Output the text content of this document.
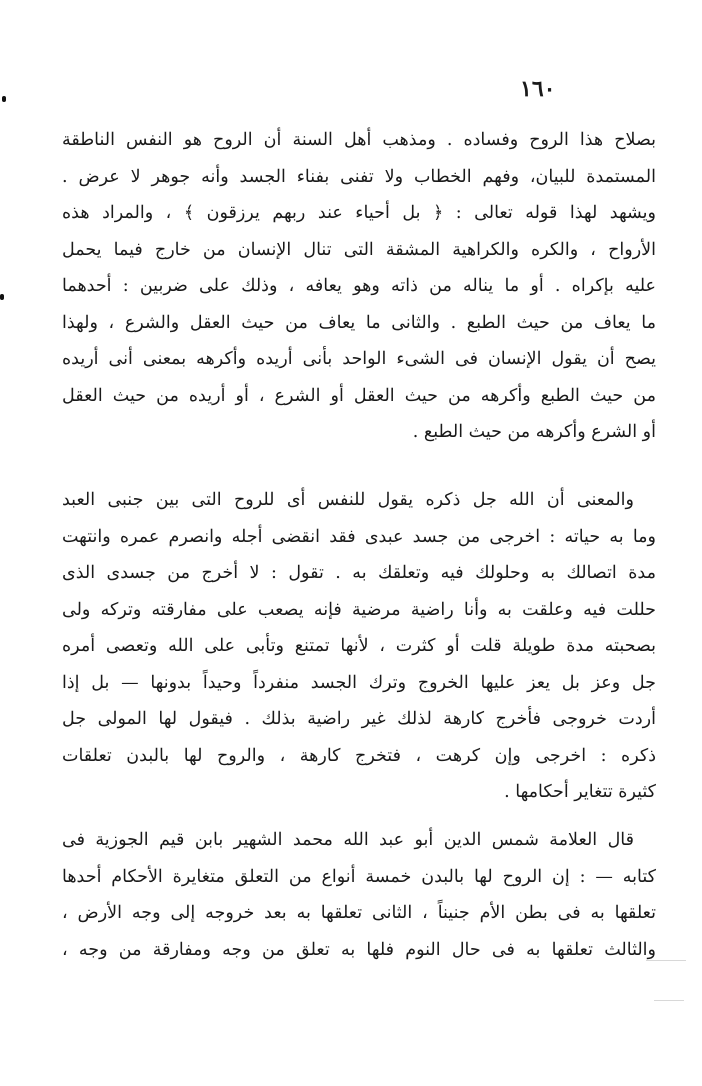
١٦٠
بصلاح هذا الروح وفساده . ومذهب أهل السنة أن الروح هو النفس الناطقة
المستمدة للبيان، وفهم الخطاب ولا تفنى بفناء الجسد وأنه جوهر لا عرض .
ويشهد لهذا قوله تعالى : ﴿ بل أحياء عند ربهم يرزقون ﴾ ، والمراد هذه
الأرواح ، والكره والكراهية المشقة التى تنال الإنسان من خارج فيما يحمل
عليه بإكراه . أو ما يناله من ذاته وهو يعافه ، وذلك على ضربين : أحدهما
ما يعاف من حيث الطبع . والثانى ما يعاف من حيث العقل والشرع ، ولهذا
يصح أن يقول الإنسان فى الشىء الواحد بأنى أريده وأكرهه بمعنى أنى أريده
من حيث الطبع وأكرهه من حيث العقل أو الشرع ، أو أريده من حيث العقل
أو الشرع وأكرهه من حيث الطبع .
والمعنى أن الله جل ذكره يقول للنفس أى للروح التى بين جنبى العبد
وما به حياته : اخرجى من جسد عبدى فقد انقضى أجله وانصرم عمره وانتهت
مدة اتصالك به وحلولك فيه وتعلقك به . تقول : لا أخرج من جسدى الذى
حللت فيه وعلقت به وأنا راضية مرضية فإنه يصعب على مفارقته وتركه ولى
بصحبته مدة طويلة قلت أو كثرت ، لأنها تمتنع وتأبى على الله وتعصى أمره
جل وعز بل يعز عليها الخروج وترك الجسد منفرداً وحيداً بدونها — بل إذا
أردت خروجى فأخرج كارهة لذلك غير راضية بذلك . فيقول لها المولى جل
ذكره : اخرجى وإن كرهت ، فتخرج كارهة ، والروح لها بالبدن تعلقات
كثيرة تتغاير أحكامها .
قال العلامة شمس الدين أبو عبد الله محمد الشهير بابن قيم الجوزية فى
كتابه — : إن الروح لها بالبدن خمسة أنواع من التعلق متغايرة الأحكام أحدها
تعلقها به فى بطن الأم جنيناً ، الثانى تعلقها به بعد خروجه إلى وجه الأرض ،
والثالث تعلقها به فى حال النوم فلها به تعلق من وجه ومفارقة من وجه ،
